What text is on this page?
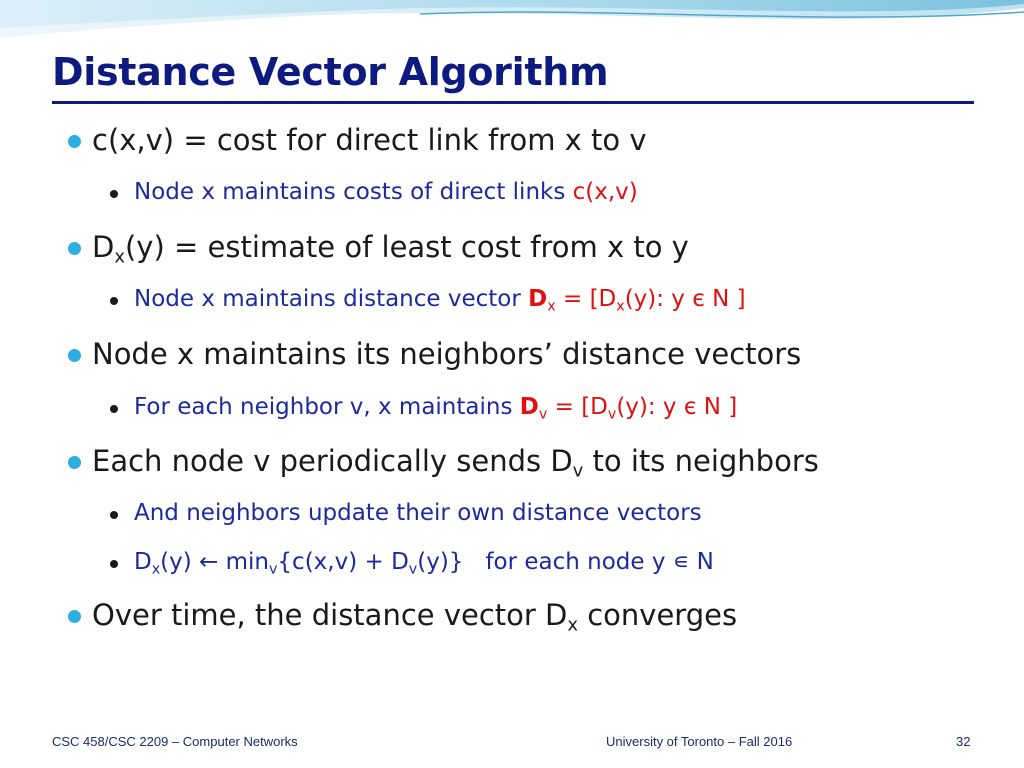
Distance Vector Algorithm
c(x,v) = cost for direct link from x to v
Node x maintains costs of direct links c(x,v)
$D_x(y)$ = estimate of least cost from x to y
Node x maintains distance vector $D_x = [D_x(y)$: y є N ]
Node x maintains its neighbors’ distance vectors
For each neighbor v, x maintains $D_v = [D_v(y)$: y є N ]
Each node v periodically sends $D_v$ to its neighbors
And neighbors update their own distance vectors
$D_x(y)$ ← $\min_v\{c(x,v) + D_v(y)\}$ for each node y ∊ N
Over time, the distance vector $D_x$ converges
CSC 458/CSC 2209 – Computer Networks	University of Toronto – Fall 2016	32
